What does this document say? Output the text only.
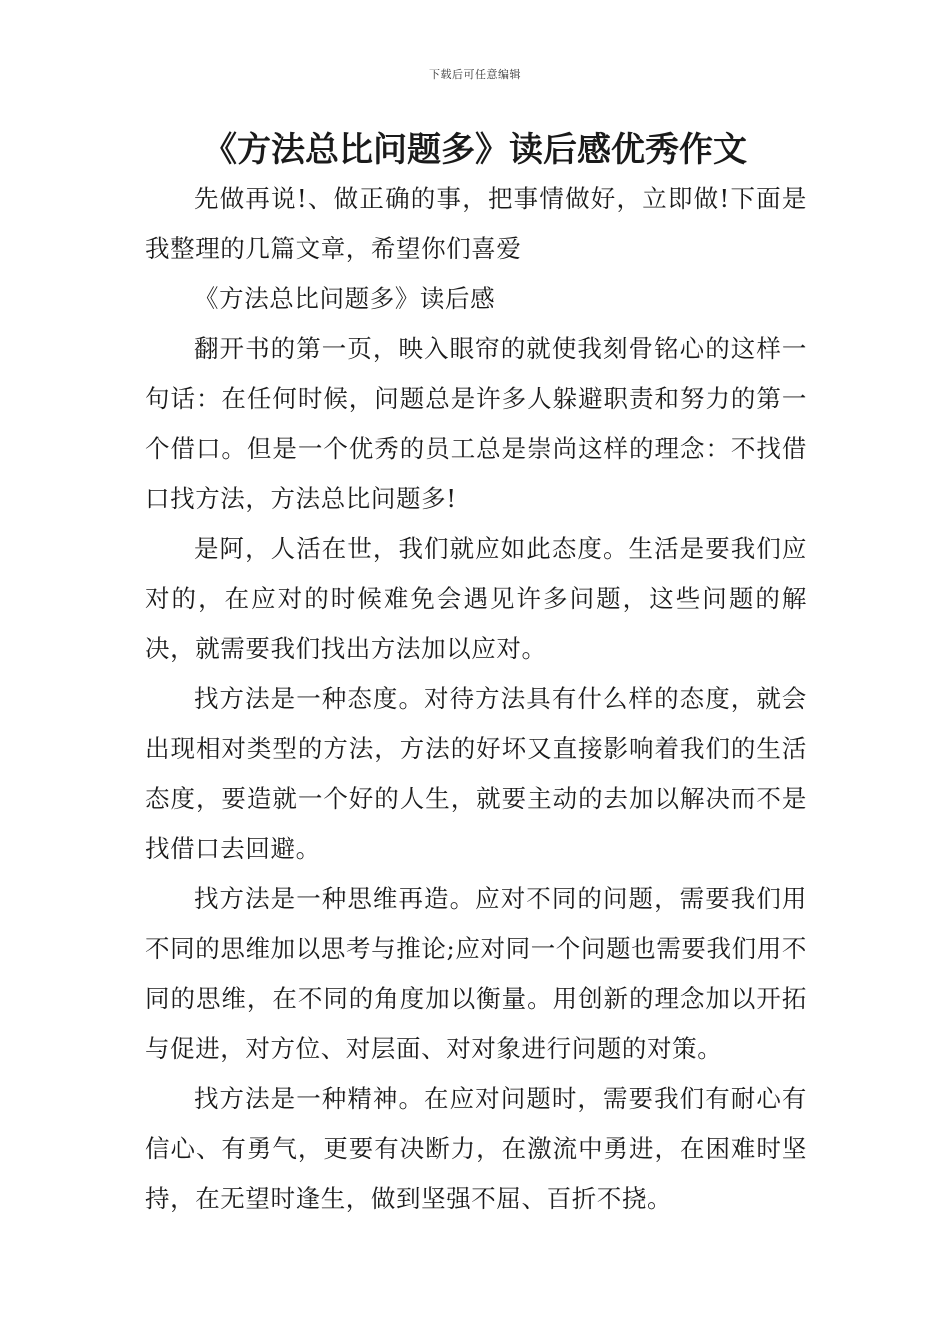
下载后可任意编辑
《方法总比问题多》读后感优秀作文

先做再说!、做正确的事，把事情做好，立即做!下面是我整理的几篇文章，希望你们喜爱

《方法总比问题多》读后感

翻开书的第一页，映入眼帘的就使我刻骨铭心的这样一句话：在任何时候，问题总是许多人躲避职责和努力的第一个借口。但是一个优秀的员工总是崇尚这样的理念：不找借口找方法，方法总比问题多!

是阿，人活在世，我们就应如此态度。生活是要我们应对的，在应对的时候难免会遇见许多问题，这些问题的解决，就需要我们找出方法加以应对。

找方法是一种态度。对待方法具有什么样的态度，就会出现相对类型的方法，方法的好坏又直接影响着我们的生活态度，要造就一个好的人生，就要主动的去加以解决而不是找借口去回避。

找方法是一种思维再造。应对不同的问题，需要我们用不同的思维加以思考与推论;应对同一个问题也需要我们用不同的思维，在不同的角度加以衡量。用创新的理念加以开拓与促进，对方位、对层面、对对象进行问题的对策。

找方法是一种精神。在应对问题时，需要我们有耐心有信心、有勇气，更要有决断力，在激流中勇进，在困难时坚持，在无望时逢生，做到坚强不屈、百折不挠。
